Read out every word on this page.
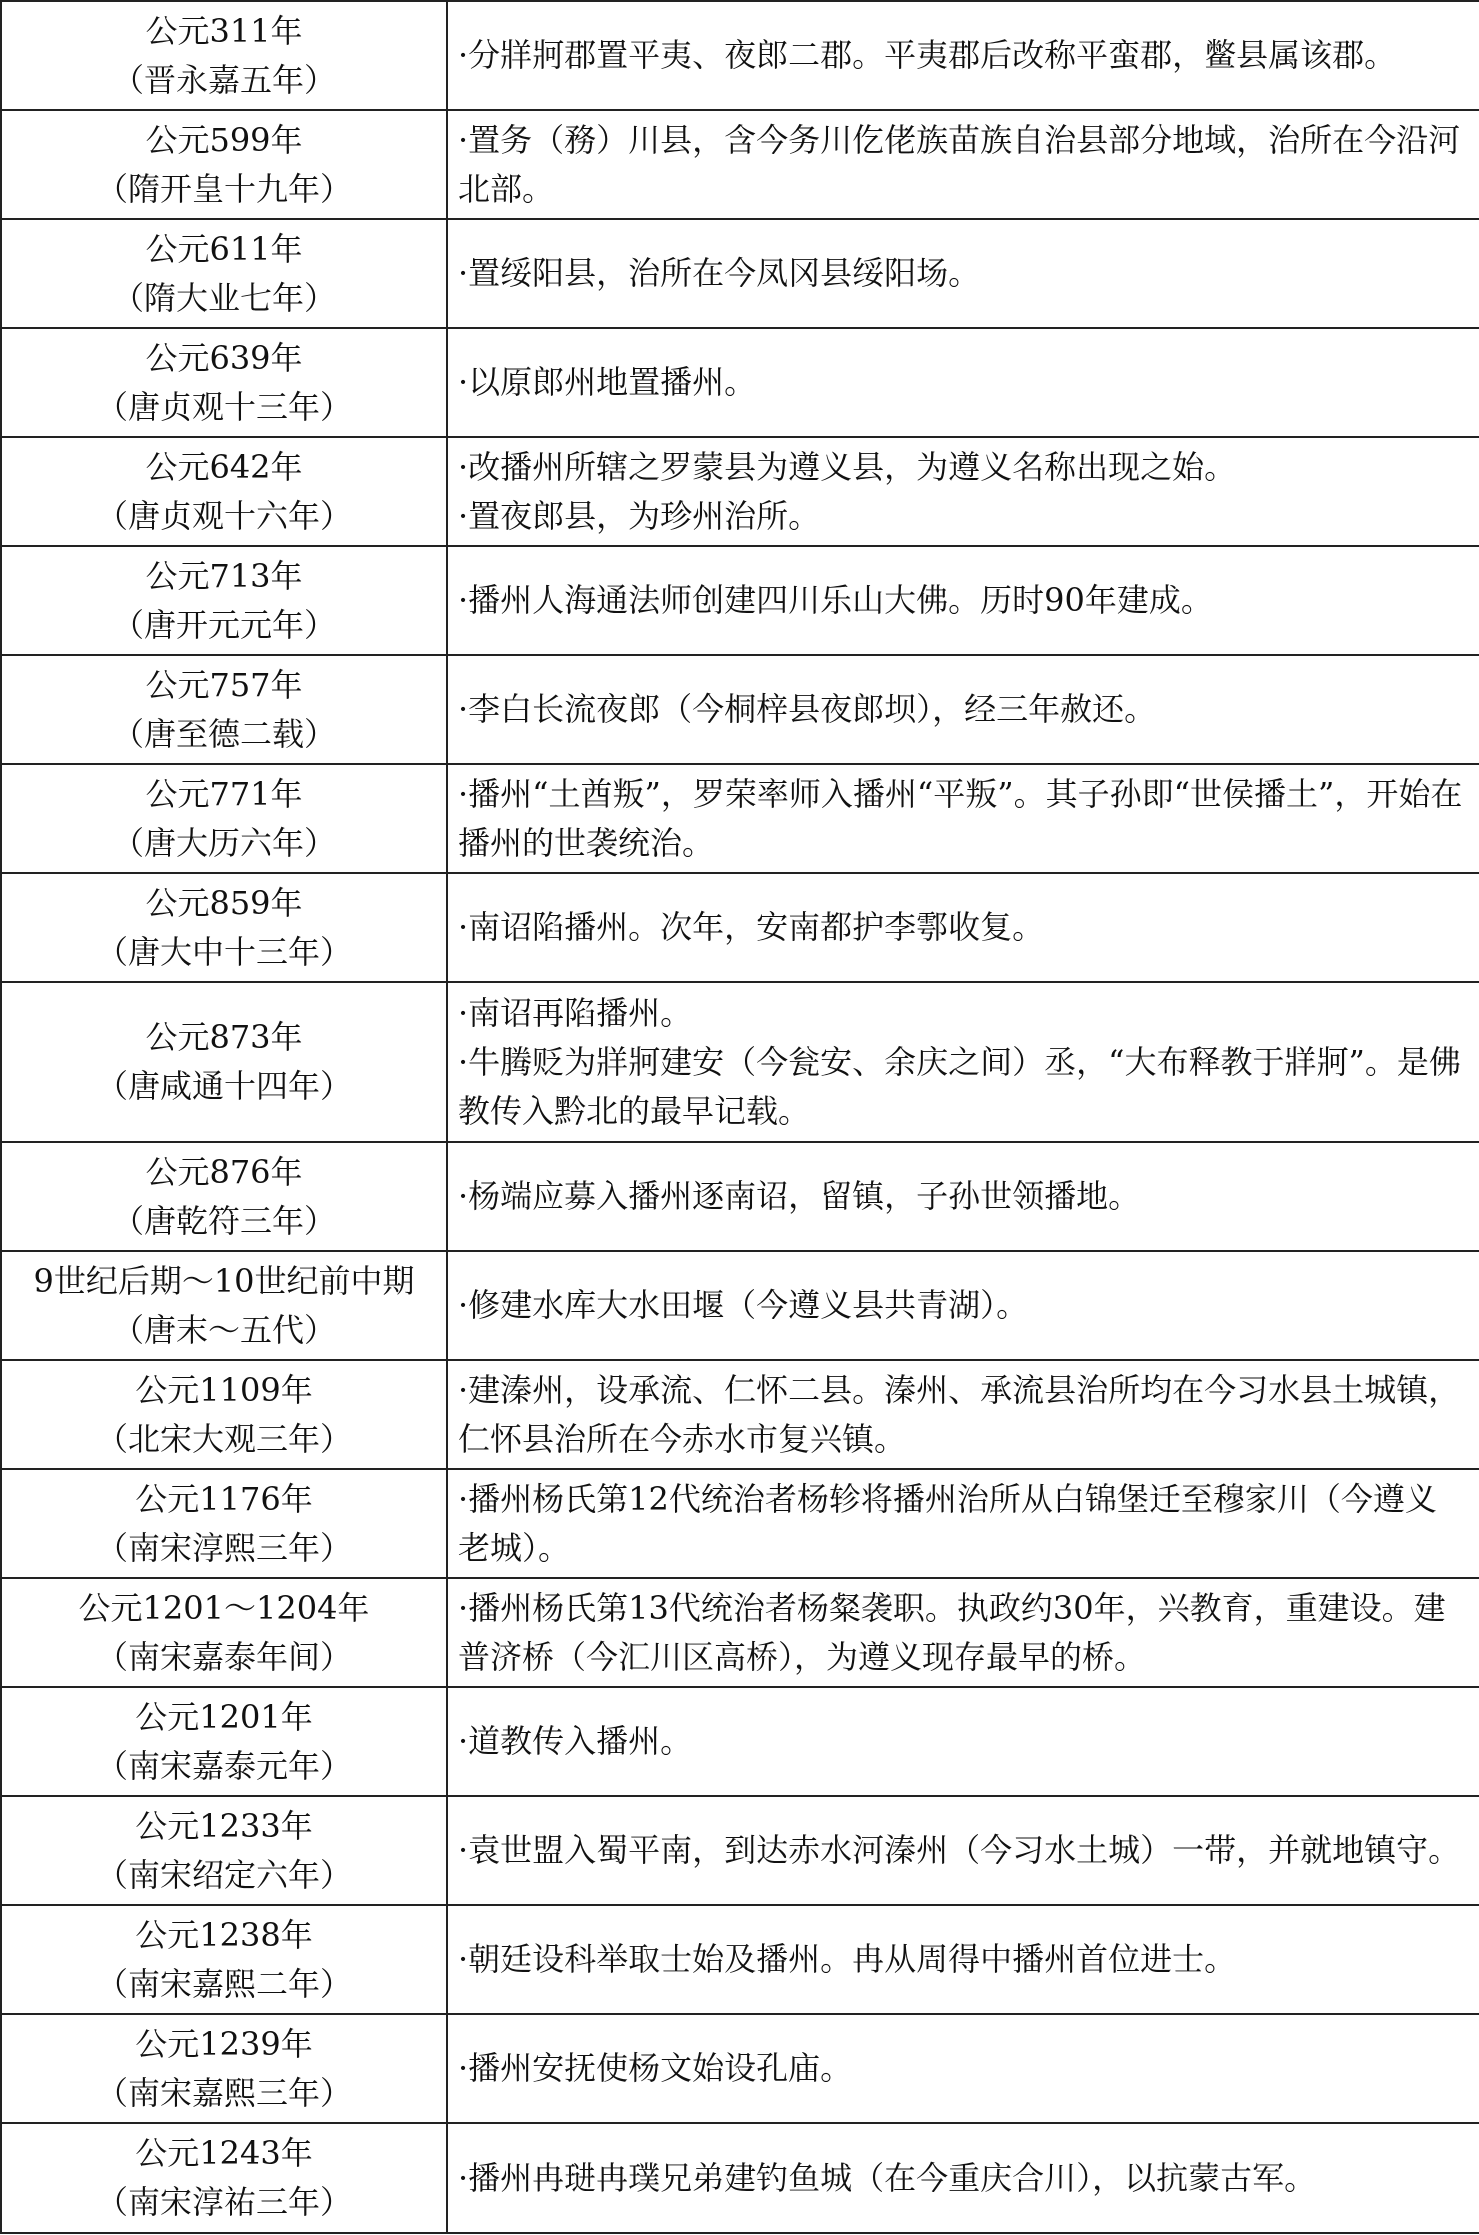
公元311年
（晋永嘉五年）	·分牂牁郡置平夷、夜郎二郡。平夷郡后改称平蛮郡，鳖县属该郡。

公元599年
（隋开皇十九年）	·置务（務）川县，含今务川仡佬族苗族自治县部分地域，治所在今沿河北部。

公元611年
（隋大业七年）	·置绥阳县，治所在今凤冈县绥阳场。

公元639年
（唐贞观十三年）	·以原郎州地置播州。

公元642年
（唐贞观十六年）	·改播州所辖之罗蒙县为遵义县，为遵义名称出现之始。
·置夜郎县，为珍州治所。

公元713年
（唐开元元年）	·播州人海通法师创建四川乐山大佛。历时90年建成。

公元757年
（唐至德二载）	·李白长流夜郎（今桐梓县夜郎坝），经三年赦还。

公元771年
（唐大历六年）	·播州“土酋叛”，罗荣率师入播州“平叛”。其子孙即“世侯播土”，开始在播州的世袭统治。

公元859年
（唐大中十三年）	·南诏陷播州。次年，安南都护李鄠收复。

公元873年
（唐咸通十四年）	·南诏再陷播州。
·牛腾贬为牂牁建安（今瓮安、余庆之间）丞，“大布释教于牂牁”。是佛教传入黔北的最早记载。

公元876年
（唐乾符三年）	·杨端应募入播州逐南诏，留镇，子孙世领播地。

9世纪后期～10世纪前中期
（唐末～五代）	·修建水库大水田堰（今遵义县共青湖）。

公元1109年
（北宋大观三年）	·建溱州，设承流、仁怀二县。溱州、承流县治所均在今习水县土城镇，仁怀县治所在今赤水市复兴镇。

公元1176年
（南宋淳熙三年）	·播州杨氏第12代统治者杨轸将播州治所从白锦堡迁至穆家川（今遵义老城）。

公元1201～1204年
（南宋嘉泰年间）	·播州杨氏第13代统治者杨粲袭职。执政约30年，兴教育，重建设。建普济桥（今汇川区高桥），为遵义现存最早的桥。

公元1201年
（南宋嘉泰元年）	·道教传入播州。

公元1233年
（南宋绍定六年）	·袁世盟入蜀平南，到达赤水河溱州（今习水土城）一带，并就地镇守。

公元1238年
（南宋嘉熙二年）	·朝廷设科举取士始及播州。冉从周得中播州首位进士。

公元1239年
（南宋嘉熙三年）	·播州安抚使杨文始设孔庙。

公元1243年
（南宋淳祐三年）	·播州冉琎冉璞兄弟建钓鱼城（在今重庆合川），以抗蒙古军。
